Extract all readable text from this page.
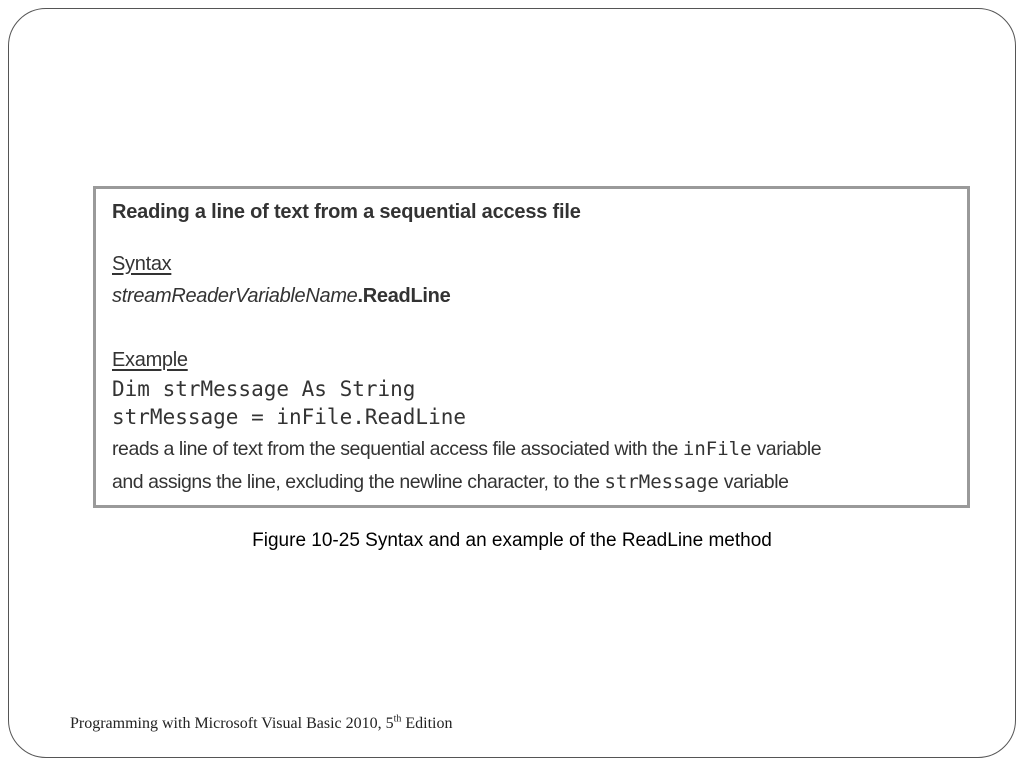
Reading a line of text from a sequential access file
Syntax
streamReaderVariableName.ReadLine
Example
Dim strMessage As String
strMessage = inFile.ReadLine
reads a line of text from the sequential access file associated with the inFile variable
and assigns the line, excluding the newline character, to the strMessage variable
Figure 10-25 Syntax and an example of the ReadLine method
Programming with Microsoft Visual Basic 2010, 5th Edition
